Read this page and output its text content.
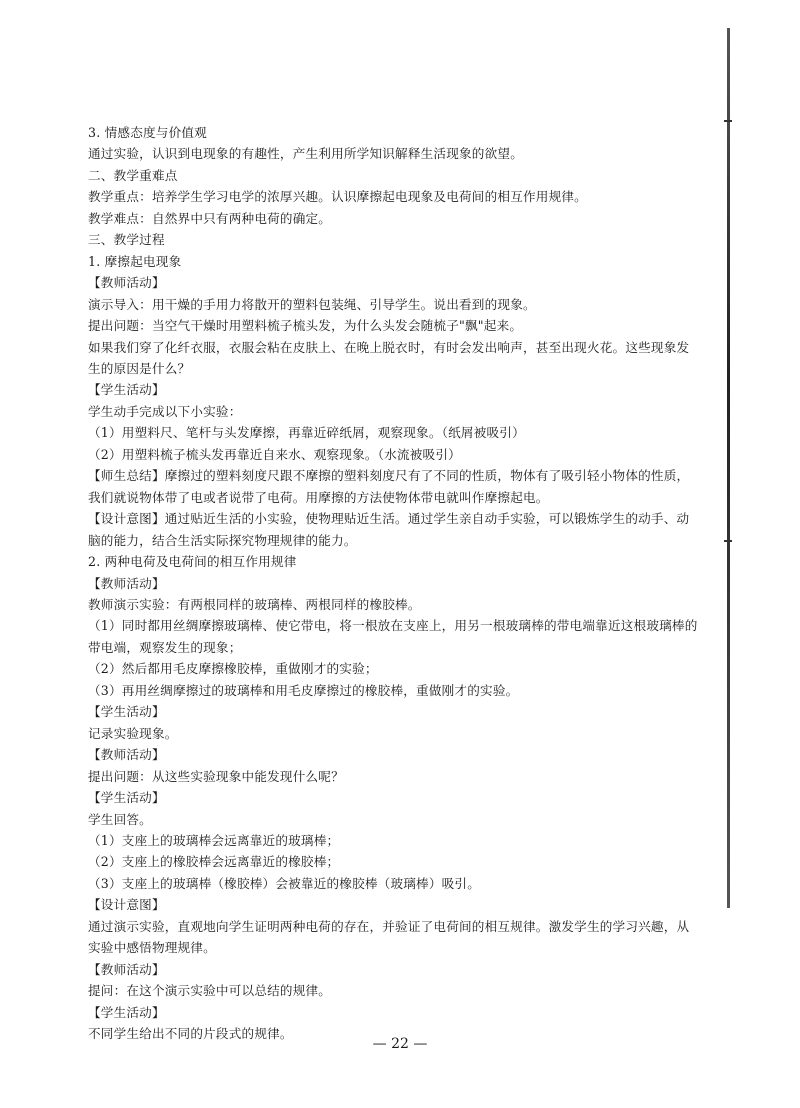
3. 情感态度与价值观

通过实验，认识到电现象的有趣性，产生利用所学知识解释生活现象的欲望。

二、教学重难点

教学重点：培养学生学习电学的浓厚兴趣。认识摩擦起电现象及电荷间的相互作用规律。

教学难点：自然界中只有两种电荷的确定。

三、教学过程

1. 摩擦起电现象

【教师活动】

演示导入：用干燥的手用力将散开的塑料包装绳、引导学生。说出看到的现象。

提出问题：当空气干燥时用塑料梳子梳头发，为什么头发会随梳子"飘"起来。

如果我们穿了化纤衣服，衣服会粘在皮肤上、在晚上脱衣时，有时会发出响声，甚至出现火花。这些现象发生的原因是什么？

【学生活动】

学生动手完成以下小实验：

（1）用塑料尺、笔杆与头发摩擦，再靠近碎纸屑，观察现象。（纸屑被吸引）

（2）用塑料梳子梳头发再靠近自来水、观察现象。（水流被吸引）

【师生总结】摩擦过的塑料刻度尺跟不摩擦的塑料刻度尺有了不同的性质，物体有了吸引轻小物体的性质，我们就说物体带了电或者说带了电荷。用摩擦的方法使物体带电就叫作摩擦起电。

【设计意图】通过贴近生活的小实验，使物理贴近生活。通过学生亲自动手实验，可以锻炼学生的动手、动脑的能力，结合生活实际探究物理规律的能力。

2. 两种电荷及电荷间的相互作用规律

【教师活动】

教师演示实验：有两根同样的玻璃棒、两根同样的橡胶棒。

（1）同时都用丝绸摩擦玻璃棒、使它带电，将一根放在支座上，用另一根玻璃棒的带电端靠近这根玻璃棒的带电端，观察发生的现象；

（2）然后都用毛皮摩擦橡胶棒，重做刚才的实验；

（3）再用丝绸摩擦过的玻璃棒和用毛皮摩擦过的橡胶棒，重做刚才的实验。

【学生活动】

记录实验现象。

【教师活动】

提出问题：从这些实验现象中能发现什么呢？

【学生活动】

学生回答。

（1）支座上的玻璃棒会远离靠近的玻璃棒；

（2）支座上的橡胶棒会远离靠近的橡胶棒；

（3）支座上的玻璃棒（橡胶棒）会被靠近的橡胶棒（玻璃棒）吸引。

【设计意图】

通过演示实验，直观地向学生证明两种电荷的存在，并验证了电荷间的相互规律。激发学生的学习兴趣，从实验中感悟物理规律。

【教师活动】

提问：在这个演示实验中可以总结的规律。

【学生活动】

不同学生给出不同的片段式的规律。

— 22 —
